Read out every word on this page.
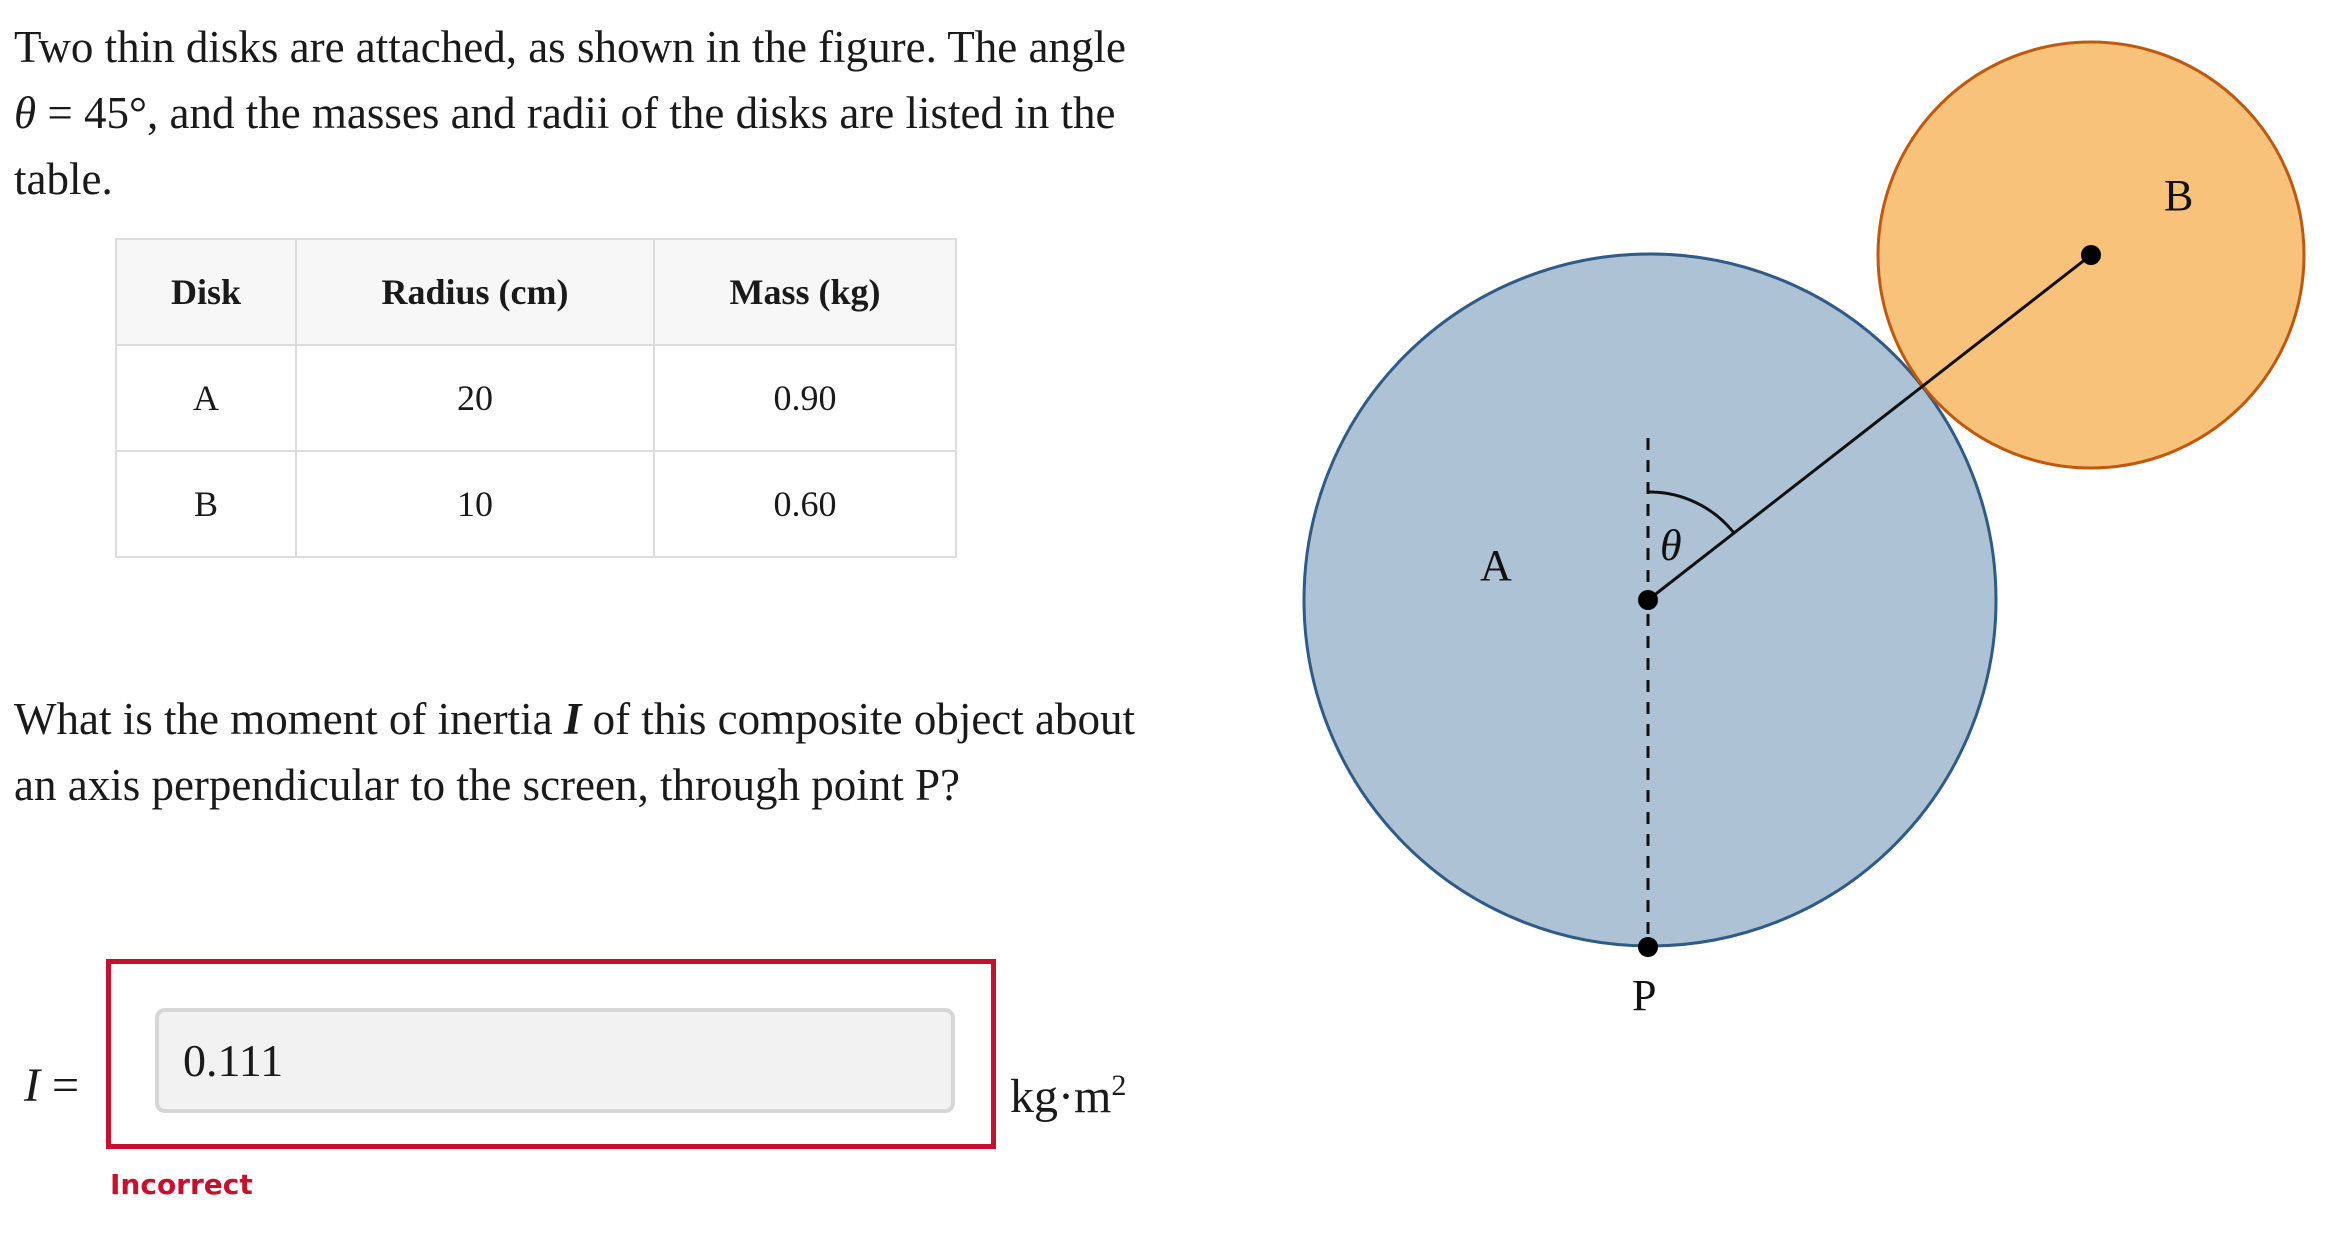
Two thin disks are attached, as shown in the figure. The angle
θ = 45°, and the masses and radii of the disks are listed in the table.

Disk	Radius (cm)	Mass (kg)
A	20	0.90
B	10	0.60

What is the moment of inertia I of this composite object about an axis perpendicular to the screen, through point P?

I =
0.111	$kg\cdot m^2$
Incorrect
A
B
P
θ
